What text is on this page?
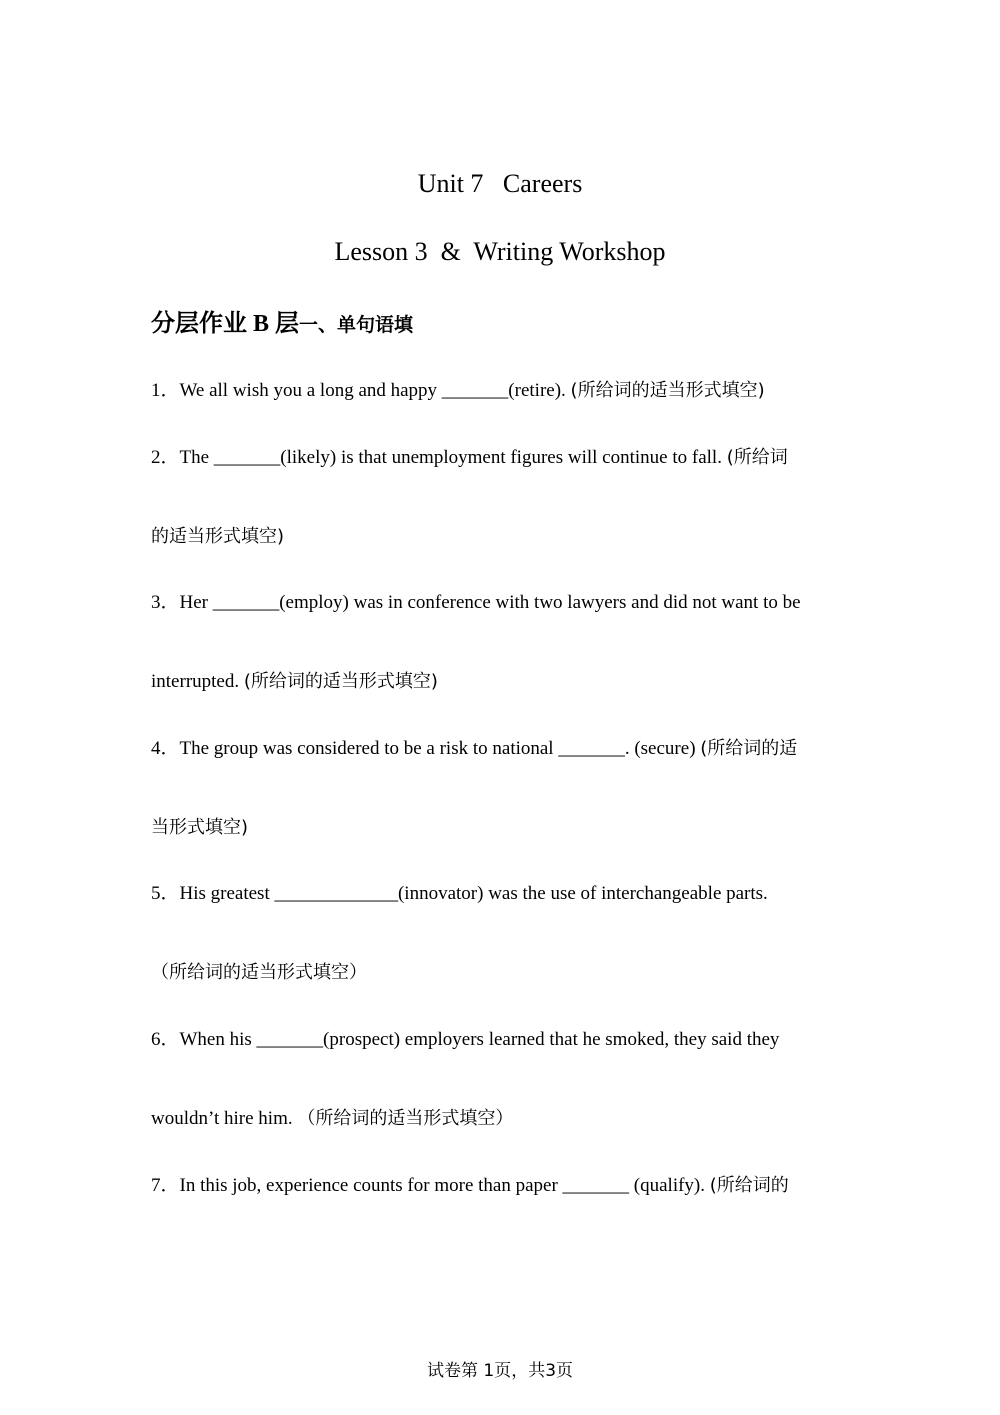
Unit 7   Careers
Lesson 3  &  Writing Workshop
分层作业 B 层一、单句语填
1．We all wish you a long and happy _______(retire). (所给词的适当形式填空)
2．The _______(likely) is that unemployment figures will continue to fall. (所给词
的适当形式填空)
3．Her _______(employ) was in conference with two lawyers and did not want to be
interrupted. (所给词的适当形式填空)
4．The group was considered to be a risk to national _______. (secure) (所给词的适
当形式填空)
5．His greatest _____________(innovator) was the use of interchangeable parts.
（所给词的适当形式填空）
6．When his _______(prospect) employers learned that he smoked, they said they
wouldn’t hire him. （所给词的适当形式填空）
7．In this job, experience counts for more than paper _______ (qualify). (所给词的
试卷第 1页，共3页
